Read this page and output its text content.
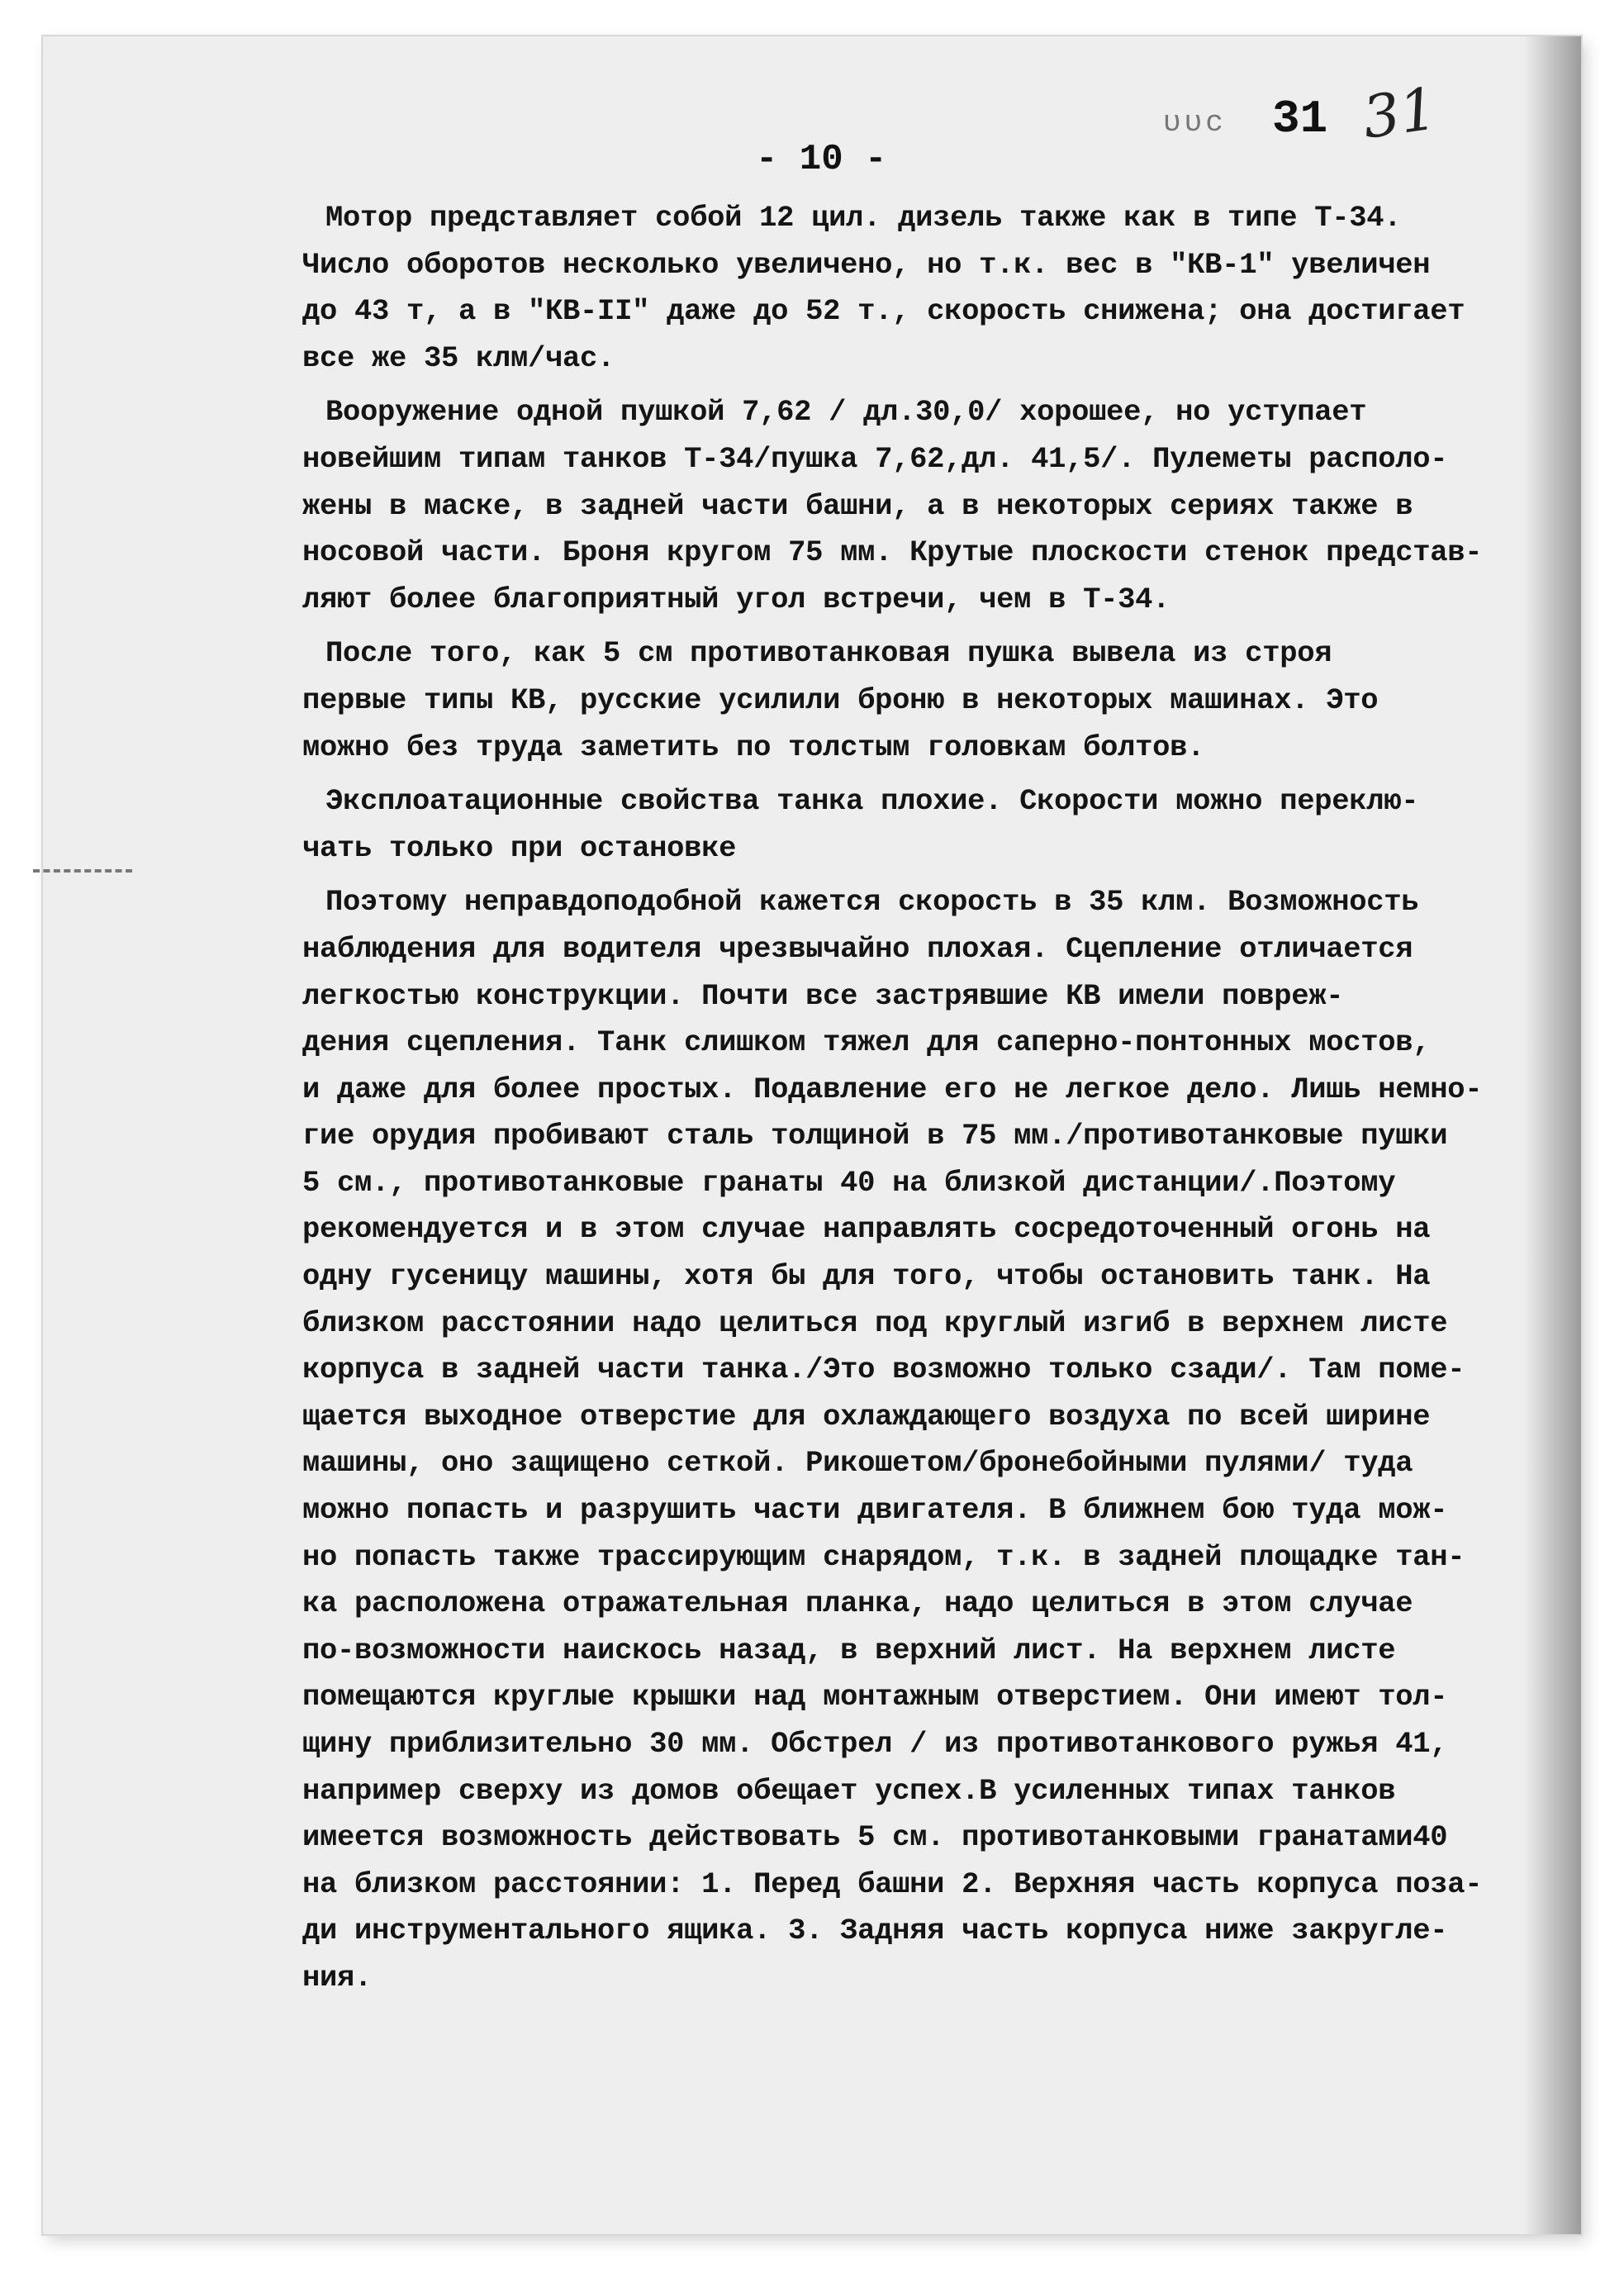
ʋʋc 31 31
- 10 -
Мотор представляет собой 12 цил. дизель также как в типе Т-34.
Число оборотов несколько увеличено, но т.к. вес в "КВ-1" увеличен
до 43 т, а в "КВ-II" даже до 52 т., скорость снижена; она достигает
все же 35 клм/час.
Вооружение одной пушкой 7,62 / дл.30,0/ хорошее, но уступает
новейшим типам танков Т-34/пушка 7,62,дл. 41,5/. Пулеметы располо-
жены в маске, в задней части башни, а в некоторых сериях также в
носовой части. Броня кругом 75 мм. Крутые плоскости стенок представ-
ляют более благоприятный угол встречи, чем в Т-34.
После того, как 5 см противотанковая пушка вывела из строя
первые типы КВ, русские усилили броню в некоторых машинах. Это
можно без труда заметить по толстым головкам болтов.
Эксплоатационные свойства танка плохие. Скорости можно переклю-
чать только при остановке
Поэтому неправдоподобной кажется скорость в 35 клм. Возможность
наблюдения для водителя чрезвычайно плохая. Сцепление отличается
легкостью конструкции. Почти все застрявшие КВ имели повреж-
дения сцепления. Танк слишком тяжел для саперно-понтонных мостов,
и даже для более простых. Подавление его не легкое дело. Лишь немно-
гие орудия пробивают сталь толщиной в 75 мм./противотанковые пушки
5 см., противотанковые гранаты 40 на близкой дистанции/.Поэтому
рекомендуется и в этом случае направлять сосредоточенный огонь на
одну гусеницу машины, хотя бы для того, чтобы остановить танк. На
близком расстоянии надо целиться под круглый изгиб в верхнем листе
корпуса в задней части танка./Это возможно только сзади/. Там поме-
щается выходное отверстие для охлаждающего воздуха по всей ширине
машины, оно защищено сеткой. Рикошетом/бронебойными пулями/ туда
можно попасть и разрушить части двигателя. В ближнем бою туда мож-
но попасть также трассирующим снарядом, т.к. в задней площадке тан-
ка расположена отражательная планка, надо целиться в этом случае
по-возможности наискось назад, в верхний лист. На верхнем листе
помещаются круглые крышки над монтажным отверстием. Они имеют тол-
щину приблизительно 30 мм. Обстрел / из противотанкового ружья 41,
например сверху из домов обещает успех.В усиленных типах танков
имеется возможность действовать 5 см. противотанковыми гранатами40
на близком расстоянии: 1. Перед башни 2. Верхняя часть корпуса поза-
ди инструментального ящика. 3. Задняя часть корпуса ниже закругле-
ния.
